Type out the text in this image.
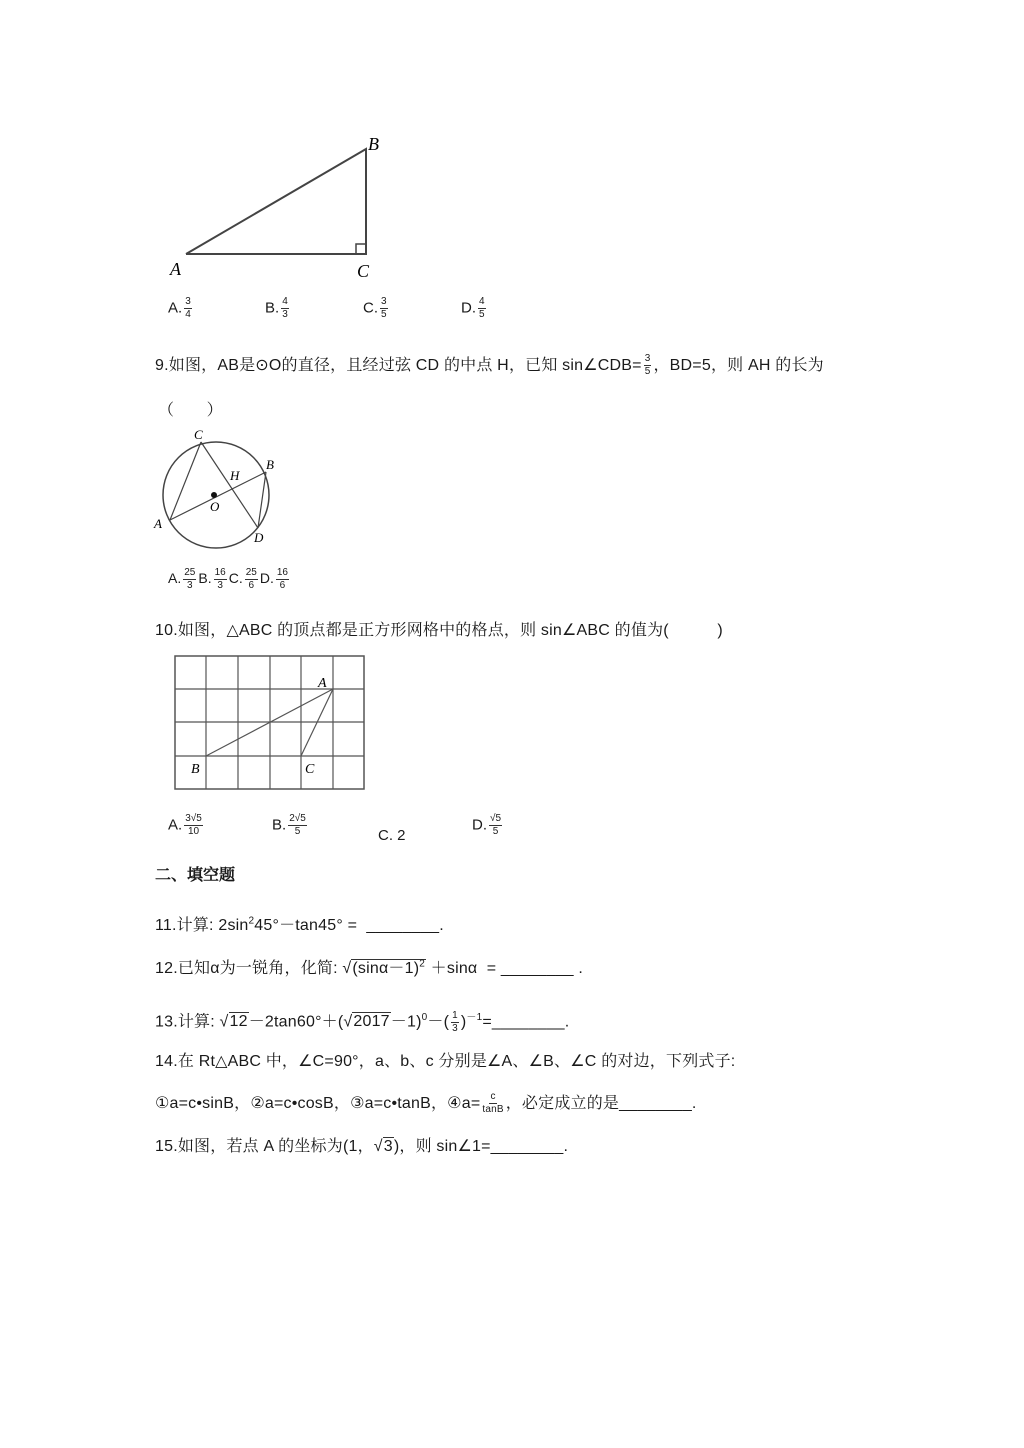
A
B
C
A. $\frac{3}{4}$	B. $\frac{4}{3}$	C. $\frac{3}{5}$	D. $\frac{4}{5}$
9.如图，AB是⊙O的直径，且经过弦 CD 的中点 H，已知 sin∠CDB= $\frac{3}{5}$ ，BD=5，则 AH 的长为
（　　）
C
H
B
O
A
D
A. $\frac{25}{3} B$. $\frac{16}{3} C$. $\frac{25}{6} D$. $\frac{16}{6}$
10.如图，△ABC 的顶点都是正方形网格中的格点，则 sin∠ABC 的值为(　　　)
A
B	C
A. $\frac{3√5}{10}$	B. $\frac{2√5}{5}$	C. 2
D. $\frac{√5}{5}$
二、填空题
11.计算: $2\sin^245^\circ-\tan 45^\circ$ = ________.
12.已知α为一锐角，化简: $√(\sin\alpha-1)^2 +\sin\alpha$ = ________ .
13.计算: $√12-2\tan 60^\circ+(√2017-1)^0-( \frac{1}{3}$ )$^{-1}=\_\_\_\_\_\_\_\_$.
14.在 Rt△ABC 中，∠C=90°，a、b、c 分别是∠A、∠B、∠C 的对边，下列式子:
①a=c•sinB，②a=c•cosB，③a=c•tanB，④a= $\frac{c}{\tan B}$ ，必定成立的是________.
15.如图，若点 A 的坐标为(1，√3)，则 sin∠1=________.
